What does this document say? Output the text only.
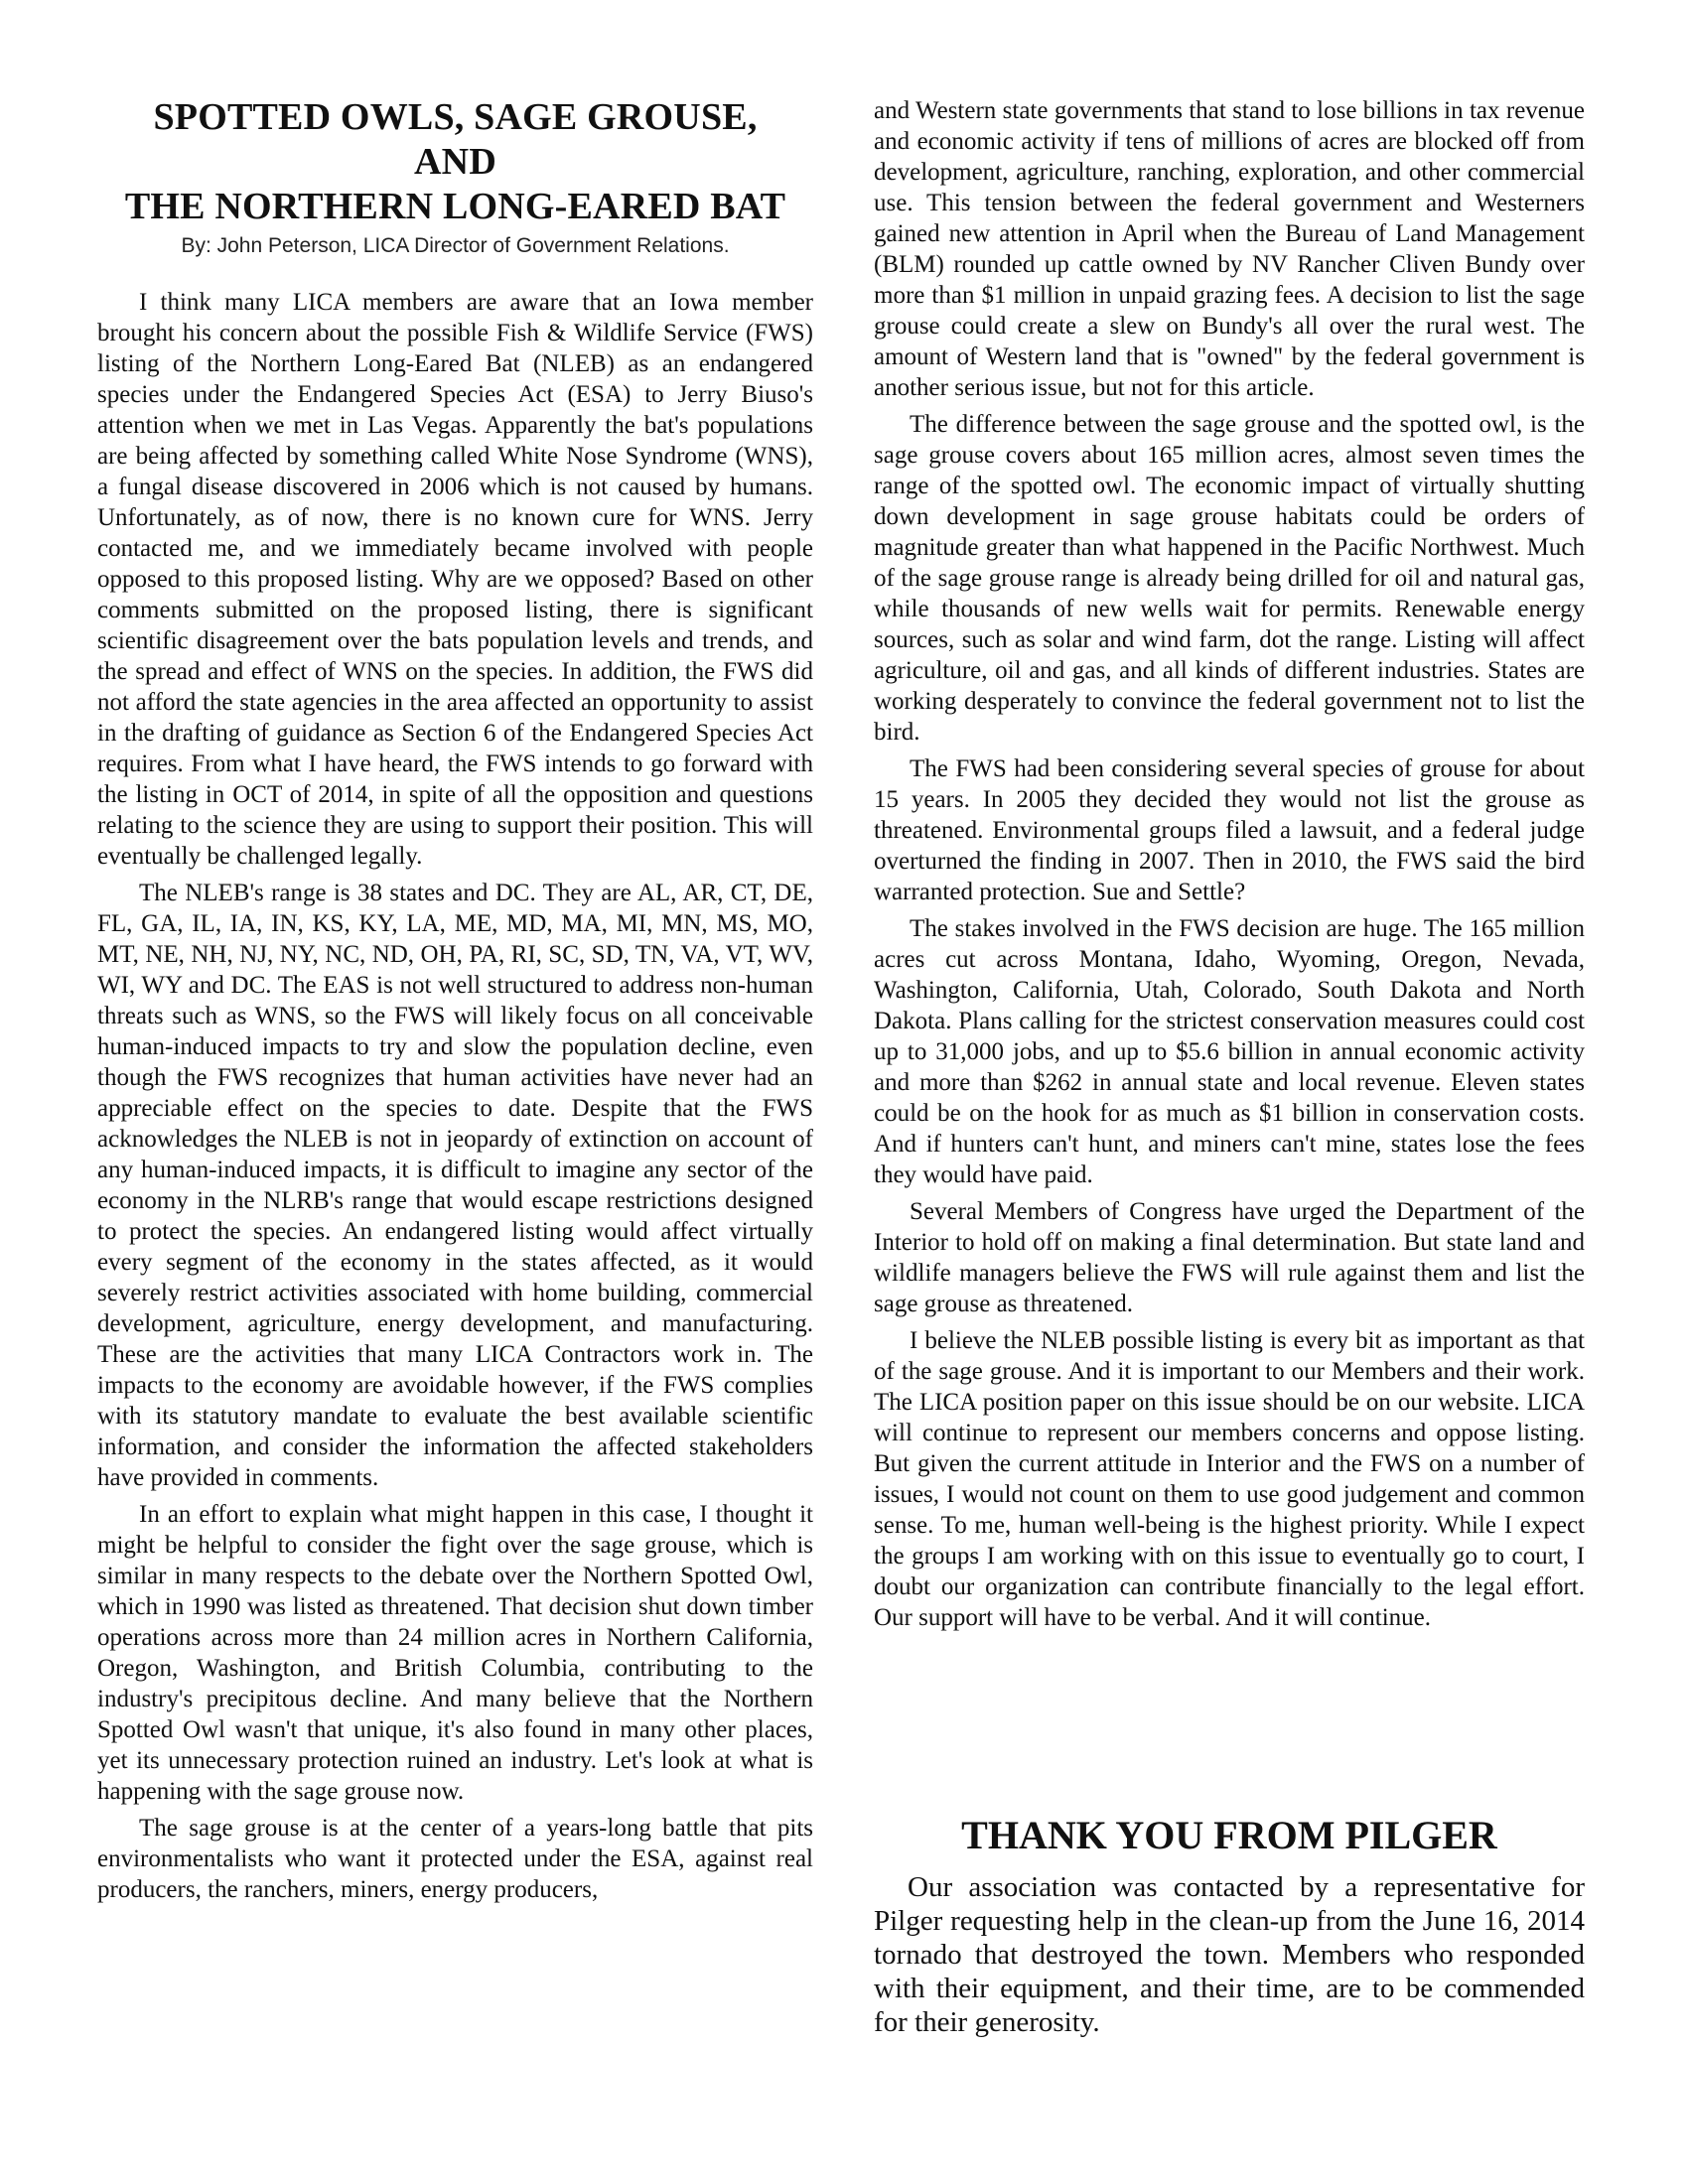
SPOTTED OWLS, SAGE GROUSE,
AND
THE NORTHERN LONG-EARED BAT
By: John Peterson, LICA Director of Government Relations.

I think many LICA members are aware that an Iowa member brought his concern about the possible Fish & Wildlife Service (FWS) listing of the Northern Long-Eared Bat (NLEB) as an endangered species under the Endangered Species Act (ESA) to Jerry Biuso's attention when we met in Las Vegas. Apparently the bat's populations are being affected by something called White Nose Syndrome (WNS), a fungal disease discovered in 2006 which is not caused by humans. Unfortunately, as of now, there is no known cure for WNS. Jerry contacted me, and we immediately became involved with people opposed to this proposed listing. Why are we opposed? Based on other comments submitted on the proposed listing, there is significant scientific disagreement over the bats population levels and trends, and the spread and effect of WNS on the species. In addition, the FWS did not afford the state agencies in the area affected an opportunity to assist in the drafting of guidance as Section 6 of the Endangered Species Act requires. From what I have heard, the FWS intends to go forward with the listing in OCT of 2014, in spite of all the opposition and questions relating to the science they are using to support their position. This will eventually be challenged legally.

The NLEB's range is 38 states and DC. They are AL, AR, CT, DE, FL, GA, IL, IA, IN, KS, KY, LA, ME, MD, MA, MI, MN, MS, MO, MT, NE, NH, NJ, NY, NC, ND, OH, PA, RI, SC, SD, TN, VA, VT, WV, WI, WY and DC. The EAS is not well structured to address non-human threats such as WNS, so the FWS will likely focus on all conceivable human-induced impacts to try and slow the population decline, even though the FWS recognizes that human activities have never had an appreciable effect on the species to date. Despite that the FWS acknowledges the NLEB is not in jeopardy of extinction on account of any human-induced impacts, it is difficult to imagine any sector of the economy in the NLRB's range that would escape restrictions designed to protect the species. An endangered listing would affect virtually every segment of the economy in the states affected, as it would severely restrict activities associated with home building, commercial development, agriculture, energy development, and manufacturing. These are the activities that many LICA Contractors work in. The impacts to the economy are avoidable however, if the FWS complies with its statutory mandate to evaluate the best available scientific information, and consider the information the affected stakeholders have provided in comments.

In an effort to explain what might happen in this case, I thought it might be helpful to consider the fight over the sage grouse, which is similar in many respects to the debate over the Northern Spotted Owl, which in 1990 was listed as threatened. That decision shut down timber operations across more than 24 million acres in Northern California, Oregon, Washington, and British Columbia, contributing to the industry's precipitous decline. And many believe that the Northern Spotted Owl wasn't that unique, it's also found in many other places, yet its unnecessary protection ruined an industry. Let's look at what is happening with the sage grouse now.

The sage grouse is at the center of a years-long battle that pits environmentalists who want it protected under the ESA, against real producers, the ranchers, miners, energy producers,

and Western state governments that stand to lose billions in tax revenue and economic activity if tens of millions of acres are blocked off from development, agriculture, ranching, exploration, and other commercial use. This tension between the federal government and Westerners gained new attention in April when the Bureau of Land Management (BLM) rounded up cattle owned by NV Rancher Cliven Bundy over more than $1 million in unpaid grazing fees. A decision to list the sage grouse could create a slew on Bundy's all over the rural west. The amount of Western land that is "owned" by the federal government is another serious issue, but not for this article.

The difference between the sage grouse and the spotted owl, is the sage grouse covers about 165 million acres, almost seven times the range of the spotted owl. The economic impact of virtually shutting down development in sage grouse habitats could be orders of magnitude greater than what happened in the Pacific Northwest. Much of the sage grouse range is already being drilled for oil and natural gas, while thousands of new wells wait for permits. Renewable energy sources, such as solar and wind farm, dot the range. Listing will affect agriculture, oil and gas, and all kinds of different industries. States are working desperately to convince the federal government not to list the bird.

The FWS had been considering several species of grouse for about 15 years. In 2005 they decided they would not list the grouse as threatened. Environmental groups filed a lawsuit, and a federal judge overturned the finding in 2007. Then in 2010, the FWS said the bird warranted protection. Sue and Settle?

The stakes involved in the FWS decision are huge. The 165 million acres cut across Montana, Idaho, Wyoming, Oregon, Nevada, Washington, California, Utah, Colorado, South Dakota and North Dakota. Plans calling for the strictest conservation measures could cost up to 31,000 jobs, and up to $5.6 billion in annual economic activity and more than $262 in annual state and local revenue. Eleven states could be on the hook for as much as $1 billion in conservation costs. And if hunters can't hunt, and miners can't mine, states lose the fees they would have paid.

Several Members of Congress have urged the Department of the Interior to hold off on making a final determination. But state land and wildlife managers believe the FWS will rule against them and list the sage grouse as threatened.

I believe the NLEB possible listing is every bit as important as that of the sage grouse. And it is important to our Members and their work. The LICA position paper on this issue should be on our website. LICA will continue to represent our members concerns and oppose listing. But given the current attitude in Interior and the FWS on a number of issues, I would not count on them to use good judgement and common sense. To me, human well-being is the highest priority. While I expect the groups I am working with on this issue to eventually go to court, I doubt our organization can contribute financially to the legal effort. Our support will have to be verbal. And it will continue.

THANK YOU FROM PILGER

Our association was contacted by a representative for Pilger requesting help in the clean-up from the June 16, 2014 tornado that destroyed the town. Members who responded with their equipment, and their time, are to be commended for their generosity.
